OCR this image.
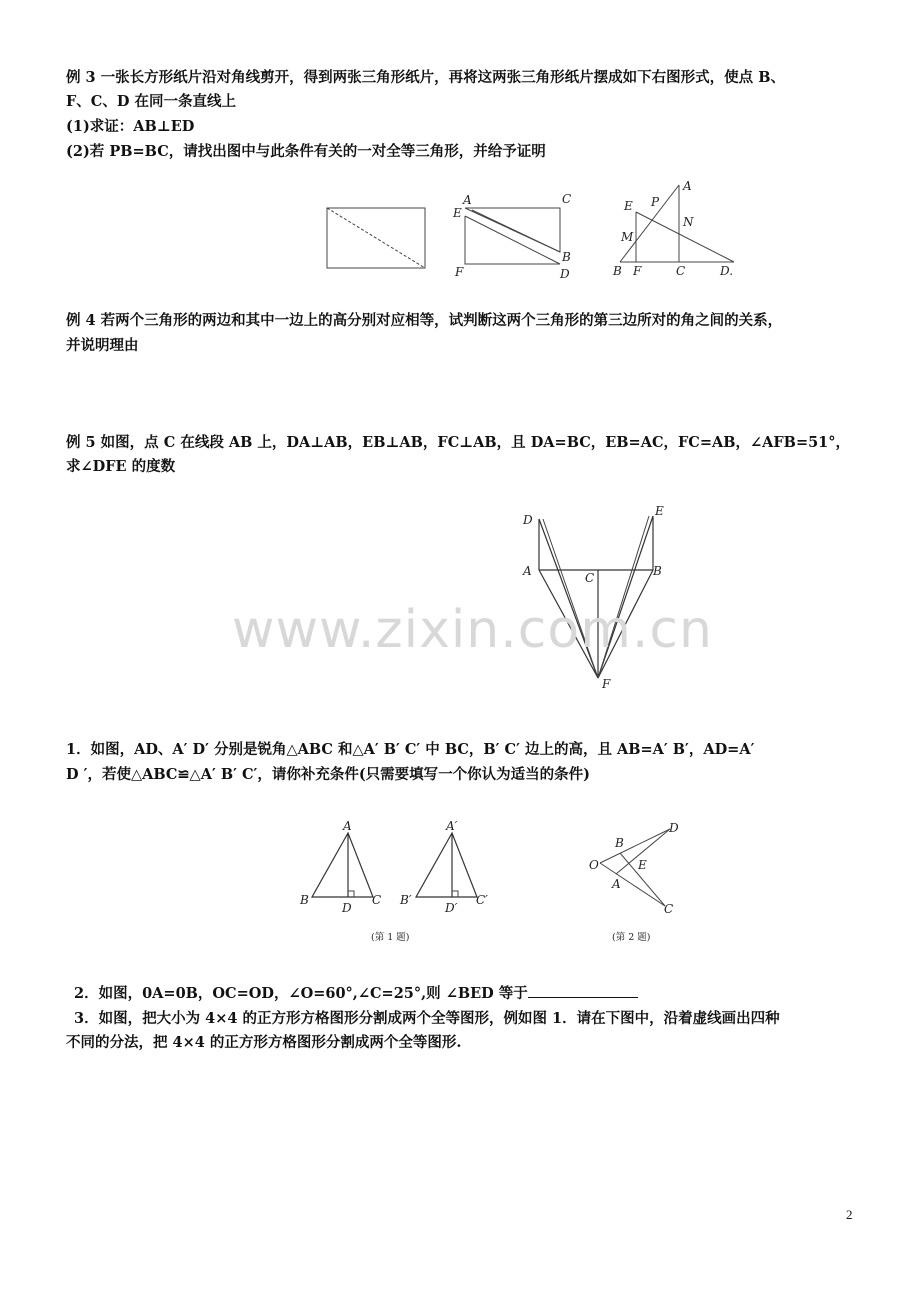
例 3 一张长方形纸片沿对角线剪开，得到两张三角形纸片，再将这两张三角形纸片摆成如下右图形式，使点 B、
F、C、D 在同一条直线上
(1)求证：AB⊥ED
(2)若 PB=BC，请找出图中与此条件有关的一对全等三角形，并给予证明
A	C
E
B
F	D
A
E P
N
M
B F	C	D.
例 4 若两个三角形的两边和其中一边上的高分别对应相等，试判断这两个三角形的第三边所对的角之间的关系，
并说明理由
例 5 如图，点 C 在线段 AB 上，DA⊥AB，EB⊥AB，FC⊥AB，且 DA=BC，EB=AC，FC=AB，∠AFB=51°，
求∠DFE 的度数
D
E
A	C	B
F
www.zixin.com.cn
1．如图，AD、A′ D′ 分别是锐角△ABC 和△A′ B′ C′ 中 BC，B′ C′ 边上的高，且 AB=A′ B′，AD=A′
D ′，若使△ABC≌△A′ B′ C′，请你补充条件(只需要填写一个你认为适当的条件)
A
B
D
C
A′
B′
D′
C′
(第 1 题)
D
B
E
O
A
C
(第 2 题)
2．如图，0A=0B，OC=OD，∠O=60°,∠C=25°,则 ∠BED 等于
3．如图，把大小为 4×4 的正方形方格图形分割成两个全等图形，例如图 1．请在下图中，沿着虚线画出四种
不同的分法，把 4×4 的正方形方格图形分割成两个全等图形.
2
